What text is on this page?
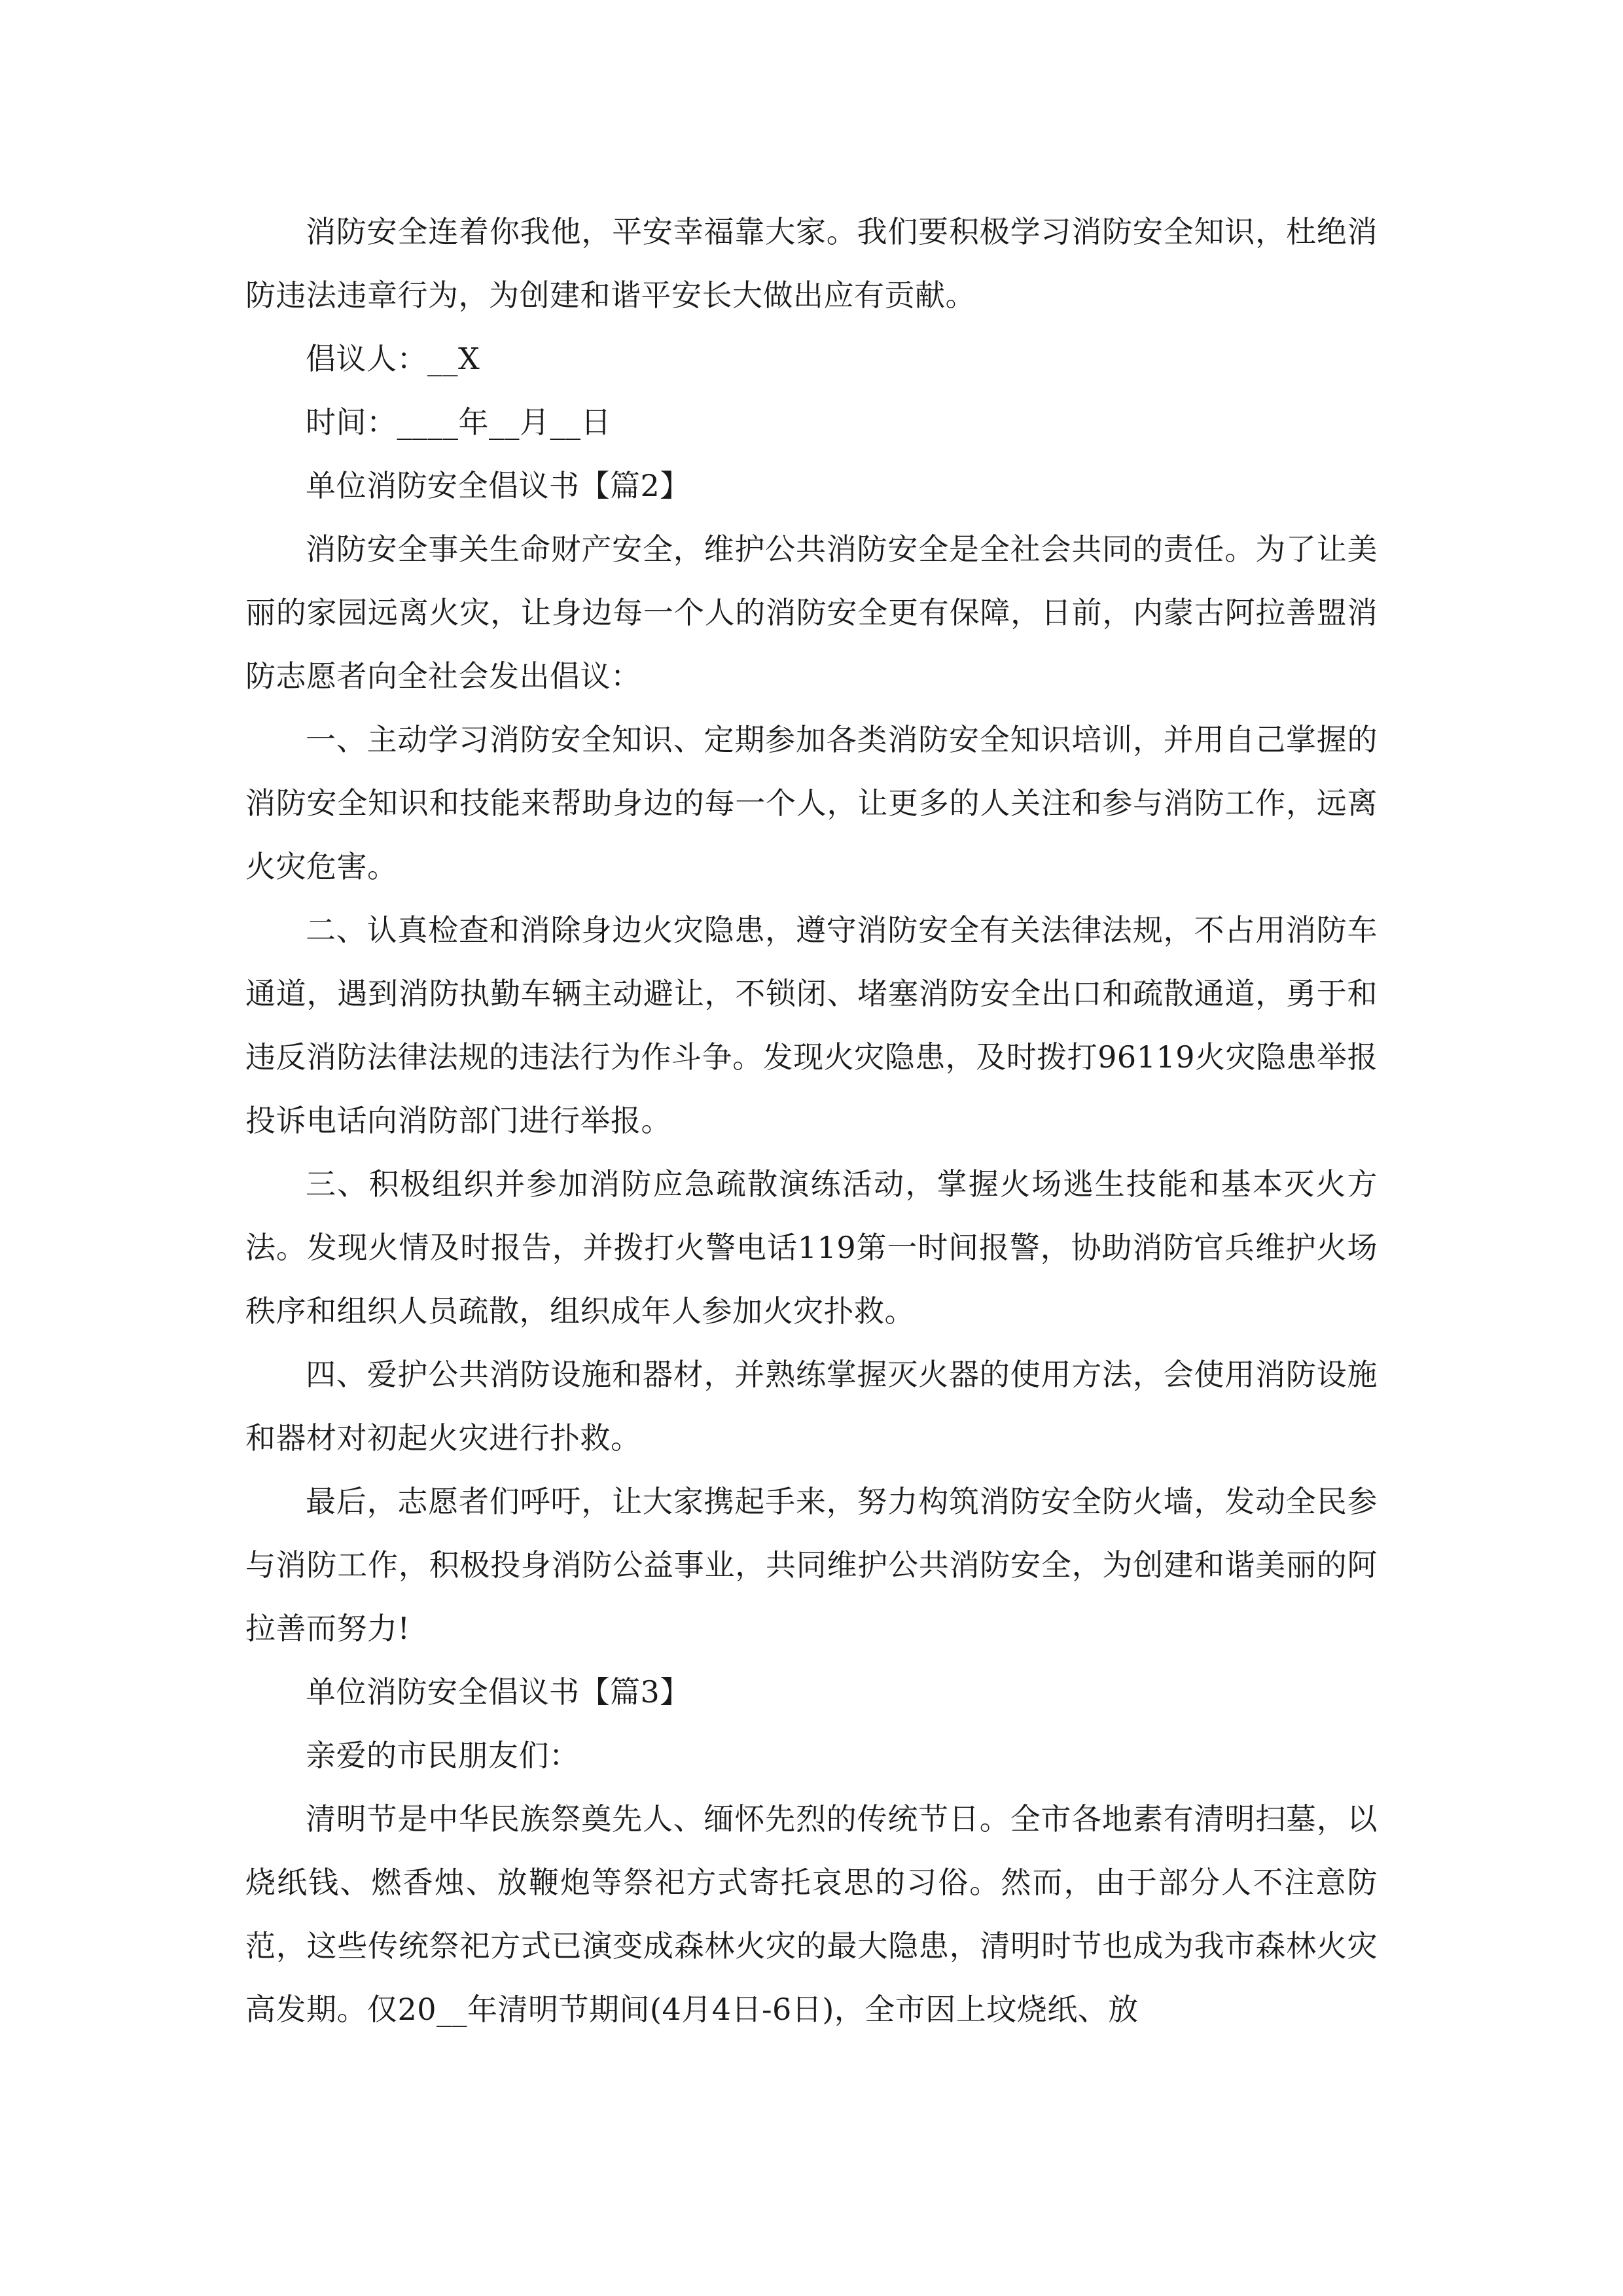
消防安全连着你我他，平安幸福靠大家。我们要积极学习消防安全知识，杜绝消防违法违章行为，为创建和谐平安长大做出应有贡献。

倡议人：__X

时间：____年__月__日

单位消防安全倡议书【篇2】

消防安全事关生命财产安全，维护公共消防安全是全社会共同的责任。为了让美丽的家园远离火灾，让身边每一个人的消防安全更有保障，日前，内蒙古阿拉善盟消防志愿者向全社会发出倡议：

一、主动学习消防安全知识、定期参加各类消防安全知识培训，并用自己掌握的消防安全知识和技能来帮助身边的每一个人，让更多的人关注和参与消防工作，远离火灾危害。

二、认真检查和消除身边火灾隐患，遵守消防安全有关法律法规，不占用消防车通道，遇到消防执勤车辆主动避让，不锁闭、堵塞消防安全出口和疏散通道，勇于和违反消防法律法规的违法行为作斗争。发现火灾隐患，及时拨打96119火灾隐患举报投诉电话向消防部门进行举报。

三、积极组织并参加消防应急疏散演练活动，掌握火场逃生技能和基本灭火方法。发现火情及时报告，并拨打火警电话119第一时间报警，协助消防官兵维护火场秩序和组织人员疏散，组织成年人参加火灾扑救。

四、爱护公共消防设施和器材，并熟练掌握灭火器的使用方法，会使用消防设施和器材对初起火灾进行扑救。

最后，志愿者们呼吁，让大家携起手来，努力构筑消防安全防火墙，发动全民参与消防工作，积极投身消防公益事业，共同维护公共消防安全，为创建和谐美丽的阿拉善而努力!

单位消防安全倡议书【篇3】

亲爱的市民朋友们：

清明节是中华民族祭奠先人、缅怀先烈的传统节日。全市各地素有清明扫墓，以烧纸钱、燃香烛、放鞭炮等祭祀方式寄托哀思的习俗。然而，由于部分人不注意防范，这些传统祭祀方式已演变成森林火灾的最大隐患，清明时节也成为我市森林火灾高发期。仅20__年清明节期间(4月4日-6日)，全市因上坟烧纸、放
